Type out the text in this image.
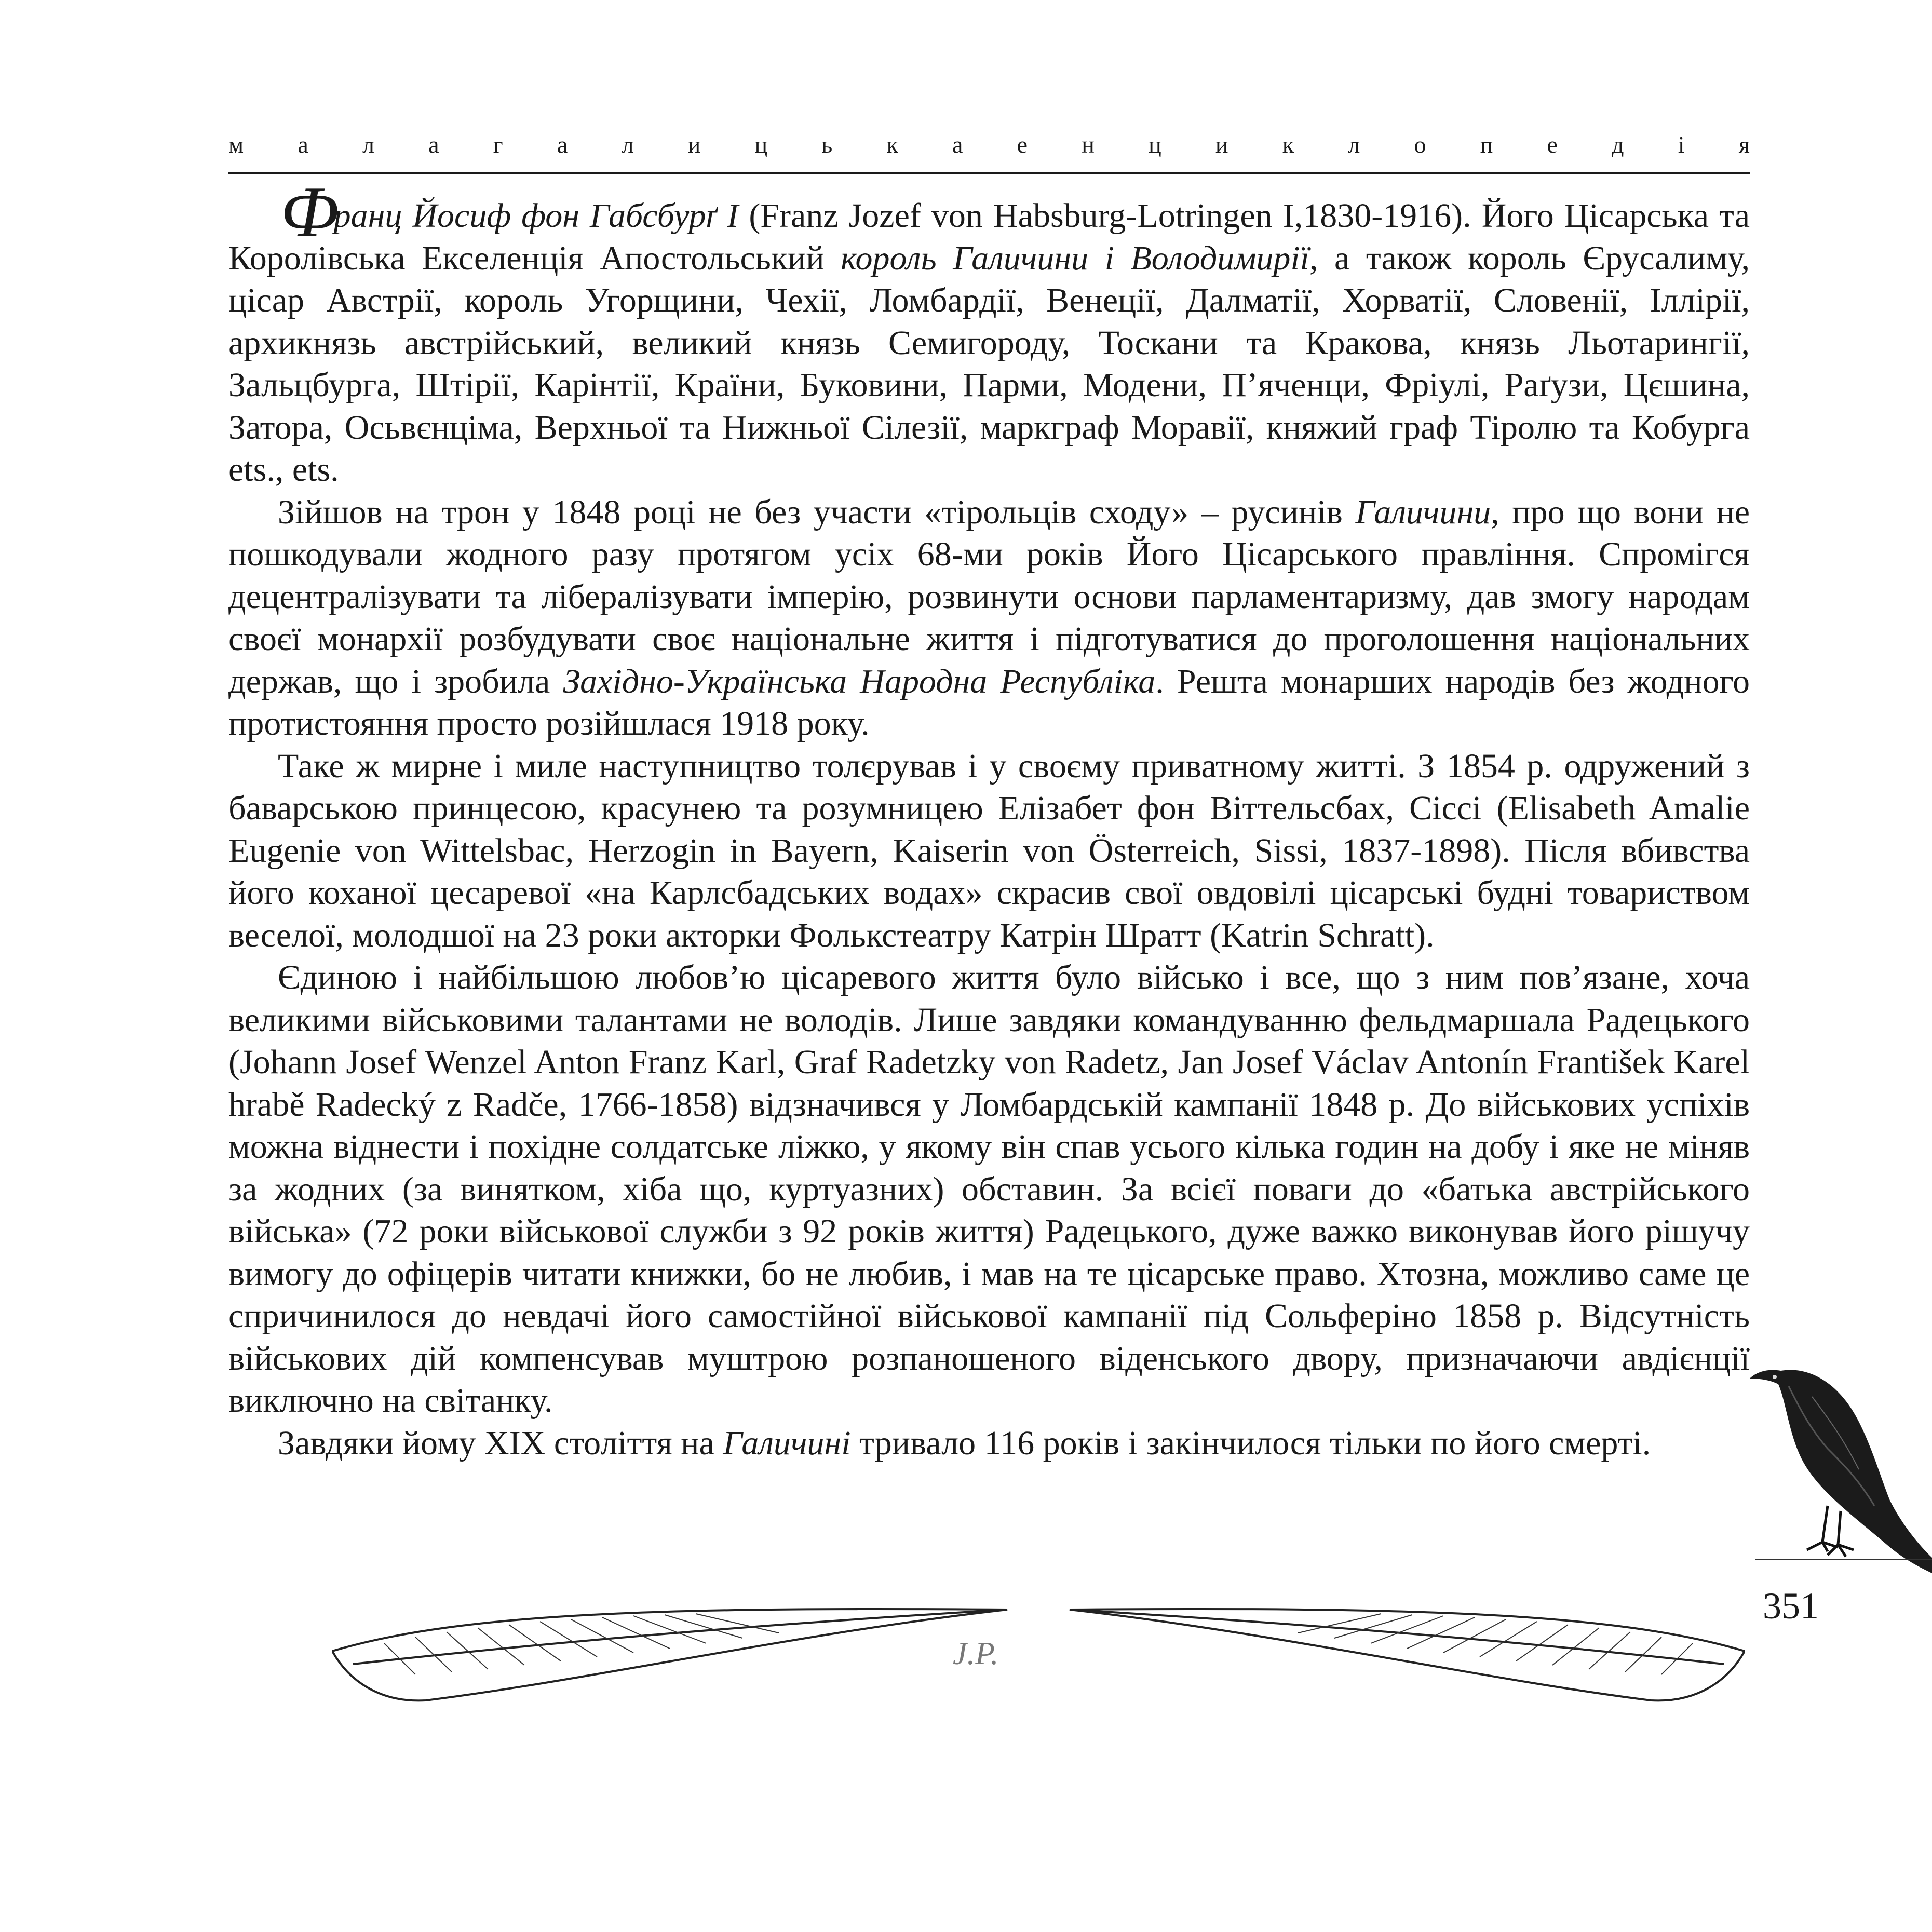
м а л а г а л и ц ь к а е н ц и к л о п е д і я

Франц Йосиф фон Габсбурґ I (Franz Jozef von Habsburg-Lotringen I,1830-1916). Його Цісарська та Королівська Екселенція Апостольський король Галичини і Володимирії, а також король Єрусалиму, цісар Австрії, король Угорщини, Чехії, Ломбардії, Венеції, Далматії, Хорватії, Словенії, Іллірії, архикнязь австрійський, великий князь Семигороду, Тоскани та Кракова, князь Льотарингії, Зальцбурга, Штірії, Карінтії, Країни, Буковини, Парми, Модени, П’яченци, Фріулі, Раґузи, Цєшина, Затора, Осьвєнціма, Верхньої та Нижньої Сілезії, маркграф Моравії, княжий граф Тіролю та Кобурга ets., ets.

Зійшов на трон у 1848 році не без участи «тірольців сходу» – русинів Галичини, про що вони не пошкодували жодного разу протягом усіх 68-ми років Його Цісарського правління. Спромігся децентралізувати та лібералізувати імперію, розвинути основи парламентаризму, дав змогу народам своєї монархії розбудувати своє національне життя і підготуватися до проголошення національних держав, що і зробила Західно-Українська Народна Республіка. Решта монарших народів без жодного протистояння просто розійшлася 1918 року.

Таке ж мирне і миле наступництво толєрував і у своєму приватному житті. З 1854 р. одружений з баварською принцесою, красунею та розумницею Елізабет фон Віттельсбах, Сіссі (Elisabeth Amalie Eugenie von Wittelsbac, Herzogin in Bayern, Kaiserin von Österreich, Sissi, 1837-1898). Після вбивства його коханої цесаревої «на Карлсбадських водах» скрасив свої овдовілі цісарські будні товариством веселої, молодшої на 23 роки акторки Фолькстеатру Катрін Шратт (Katrin Schratt).

Єдиною і найбільшою любов’ю цісаревого життя було військо і все, що з ним пов’язане, хоча великими військовими талантами не володів. Лише завдяки командуванню фельдмаршала Радецького (Johann Josef Wenzel Anton Franz Karl, Graf Radetzky von Radetz, Jan Josef Václav Antonín František Karel hrabě Radecký z Radče, 1766-1858) відзначився у Ломбардській кампанії 1848 р. До військових успіхів можна віднести і похідне солдатське ліжко, у якому він спав усього кілька годин на добу і яке не міняв за жодних (за винятком, хіба що, куртуазних) обставин. За всієї поваги до «батька австрійського війська» (72 роки військової служби з 92 років життя) Радецького, дуже важко виконував його рішучу вимогу до офіцерів читати книжки, бо не любив, і мав на те цісарське право. Хтозна, можливо саме це спричинилося до невдачі його самостійної військової кампанії під Сольферіно 1858 р. Відсутність військових дій компенсував муштрою розпаношеного віденського двору, призначаючи авдієнції виключно на світанку.

Завдяки йому XIX століття на Галичині тривало 116 років і закінчилося тільки по його смерті.

351
J.P.
